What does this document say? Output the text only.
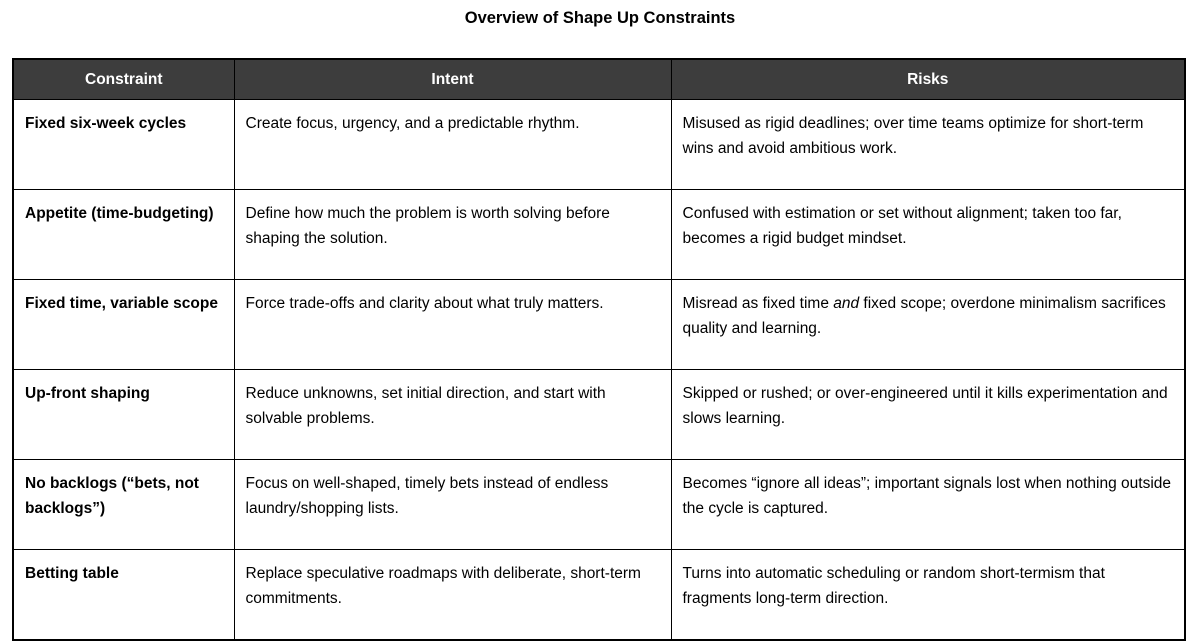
Overview of Shape Up Constraints
Constraint	Intent	Risks
Fixed six-week cycles	Create focus, urgency, and a predictable rhythm.	Misused as rigid deadlines; over time teams optimize for short-term wins and avoid ambitious work.
Appetite (time-budgeting)	Define how much the problem is worth solving before shaping the solution.	Confused with estimation or set without alignment; taken too far, becomes a rigid budget mindset.
Fixed time, variable scope	Force trade-offs and clarity about what truly matters.	Misread as fixed time and fixed scope; overdone minimalism sacrifices quality and learning.
Up-front shaping	Reduce unknowns, set initial direction, and start with solvable problems.	Skipped or rushed; or over-engineered until it kills experimentation and slows learning.
No backlogs (“bets, not backlogs”)	Focus on well-shaped, timely bets instead of endless laundry/shopping lists.	Becomes “ignore all ideas”; important signals lost when nothing outside the cycle is captured.
Betting table	Replace speculative roadmaps with deliberate, short-term commitments.	Turns into automatic scheduling or random short-termism that fragments long-term direction.
